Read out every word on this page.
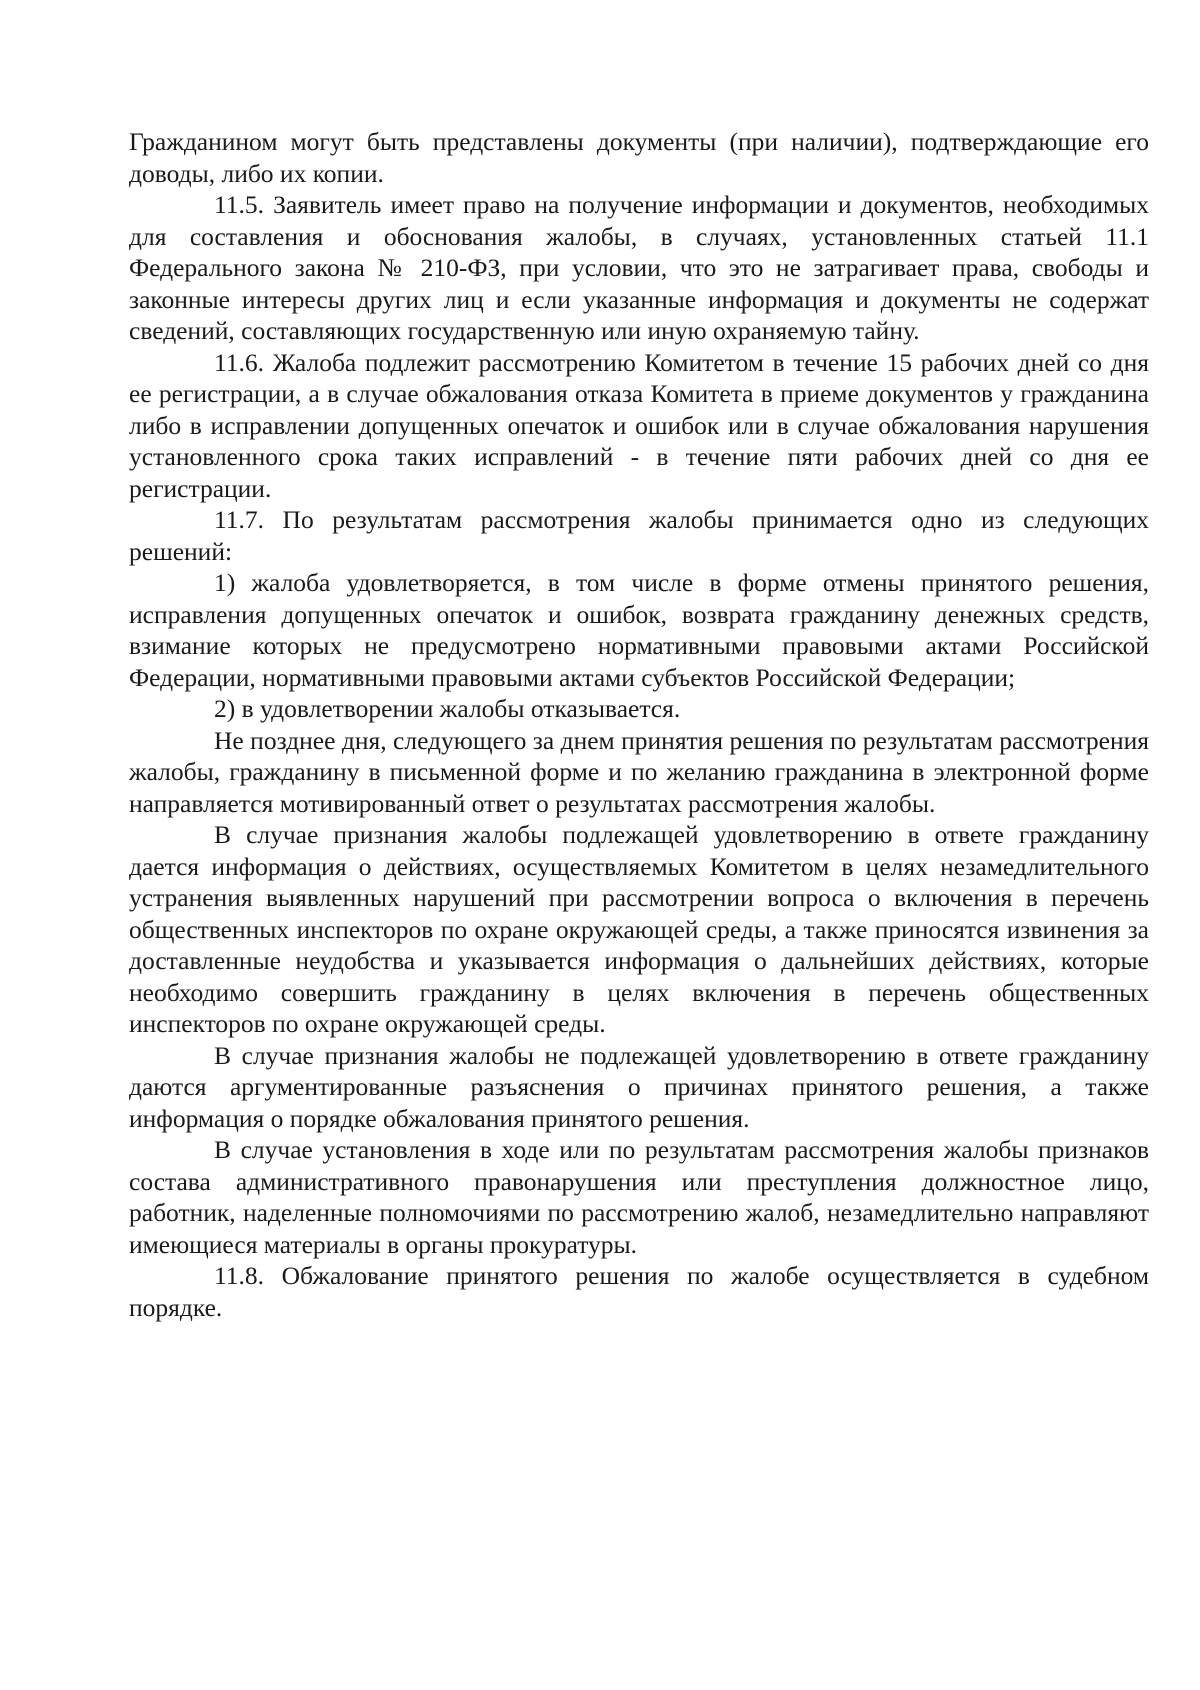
Гражданином могут быть представлены документы (при наличии), подтверждающие его доводы, либо их копии.

11.5. Заявитель имеет право на получение информации и документов, необходимых для составления и обоснования жалобы, в случаях, установленных статьей 11.1 Федерального закона № 210-ФЗ, при условии, что это не затрагивает права, свободы и законные интересы других лиц и если указанные информация и документы не содержат сведений, составляющих государственную или иную охраняемую тайну.

11.6. Жалоба подлежит рассмотрению Комитетом в течение 15 рабочих дней со дня ее регистрации, а в случае обжалования отказа Комитета в приеме документов у гражданина либо в исправлении допущенных опечаток и ошибок или в случае обжалования нарушения установленного срока таких исправлений - в течение пяти рабочих дней со дня ее регистрации.

11.7. По результатам рассмотрения жалобы принимается одно из следующих решений:

1) жалоба удовлетворяется, в том числе в форме отмены принятого решения, исправления допущенных опечаток и ошибок, возврата гражданину денежных средств, взимание которых не предусмотрено нормативными правовыми актами Российской Федерации, нормативными правовыми актами субъектов Российской Федерации;

2) в удовлетворении жалобы отказывается.

Не позднее дня, следующего за днем принятия решения по результатам рассмотрения жалобы, гражданину в письменной форме и по желанию гражданина в электронной форме направляется мотивированный ответ о результатах рассмотрения жалобы.

В случае признания жалобы подлежащей удовлетворению в ответе гражданину дается информация о действиях, осуществляемых Комитетом в целях незамедлительного устранения выявленных нарушений при рассмотрении вопроса о включения в перечень общественных инспекторов по охране окружающей среды, а также приносятся извинения за доставленные неудобства и указывается информация о дальнейших действиях, которые необходимо совершить гражданину в целях включения в перечень общественных инспекторов по охране окружающей среды.

В случае признания жалобы не подлежащей удовлетворению в ответе гражданину даются аргументированные разъяснения о причинах принятого решения, а также информация о порядке обжалования принятого решения.

В случае установления в ходе или по результатам рассмотрения жалобы признаков состава административного правонарушения или преступления должностное лицо, работник, наделенные полномочиями по рассмотрению жалоб, незамедлительно направляют имеющиеся материалы в органы прокуратуры.

11.8. Обжалование принятого решения по жалобе осуществляется в судебном порядке.
